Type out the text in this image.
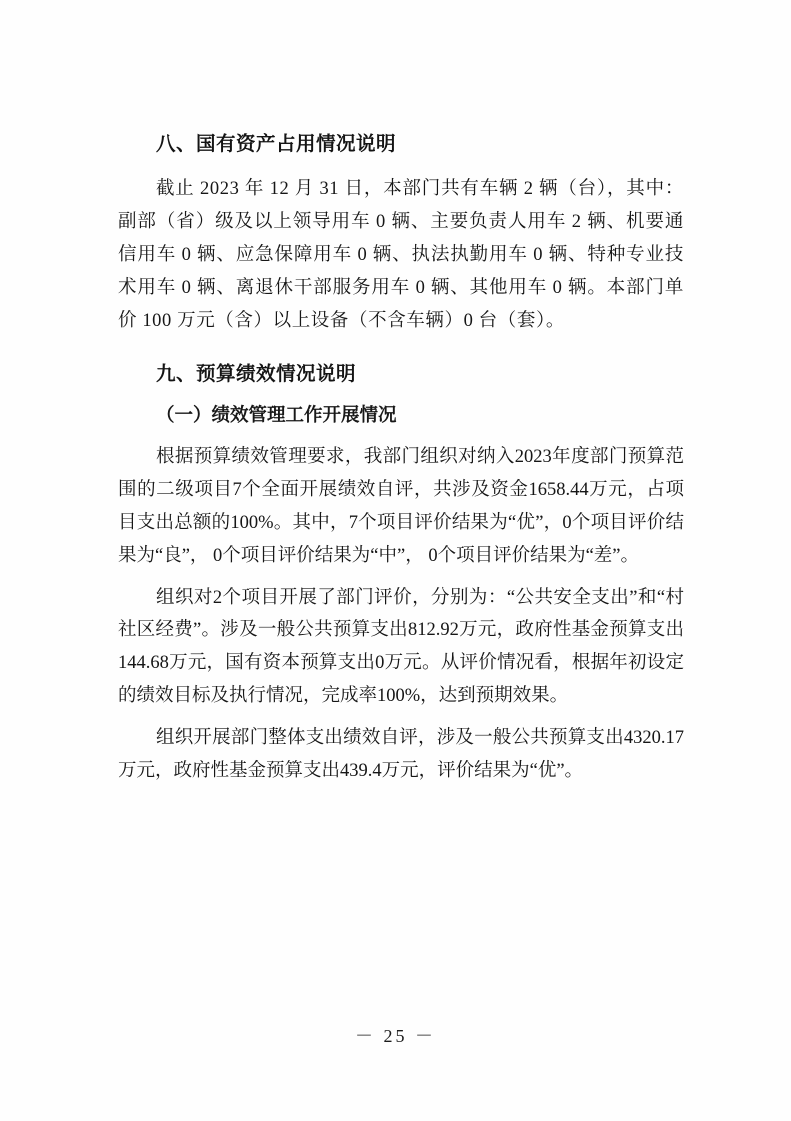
八、国有资产占用情况说明

截止 2023 年 12 月 31 日，本部门共有车辆 2 辆（台），其中：副部（省）级及以上领导用车 0 辆、主要负责人用车 2 辆、机要通信用车 0 辆、应急保障用车 0 辆、执法执勤用车 0 辆、特种专业技术用车 0 辆、离退休干部服务用车 0 辆、其他用车 0 辆。本部门单价 100 万元（含）以上设备（不含车辆）0 台（套）。

九、预算绩效情况说明
（一）绩效管理工作开展情况

根据预算绩效管理要求，我部门组织对纳入2023年度部门预算范围的二级项目7个全面开展绩效自评，共涉及资金1658.44万元，占项目支出总额的100%。其中，7个项目评价结果为“优”，0个项目评价结果为“良”， 0个项目评价结果为“中”， 0个项目评价结果为“差”。

组织对2个项目开展了部门评价，分别为：“公共安全支出”和“村社区经费”。涉及一般公共预算支出812.92万元，政府性基金预算支出144.68万元，国有资本预算支出0万元。从评价情况看，根据年初设定的绩效目标及执行情况，完成率100%，达到预期效果。

组织开展部门整体支出绩效自评，涉及一般公共预算支出4320.17万元，政府性基金预算支出439.4万元，评价结果为“优”。

－ 25 －
